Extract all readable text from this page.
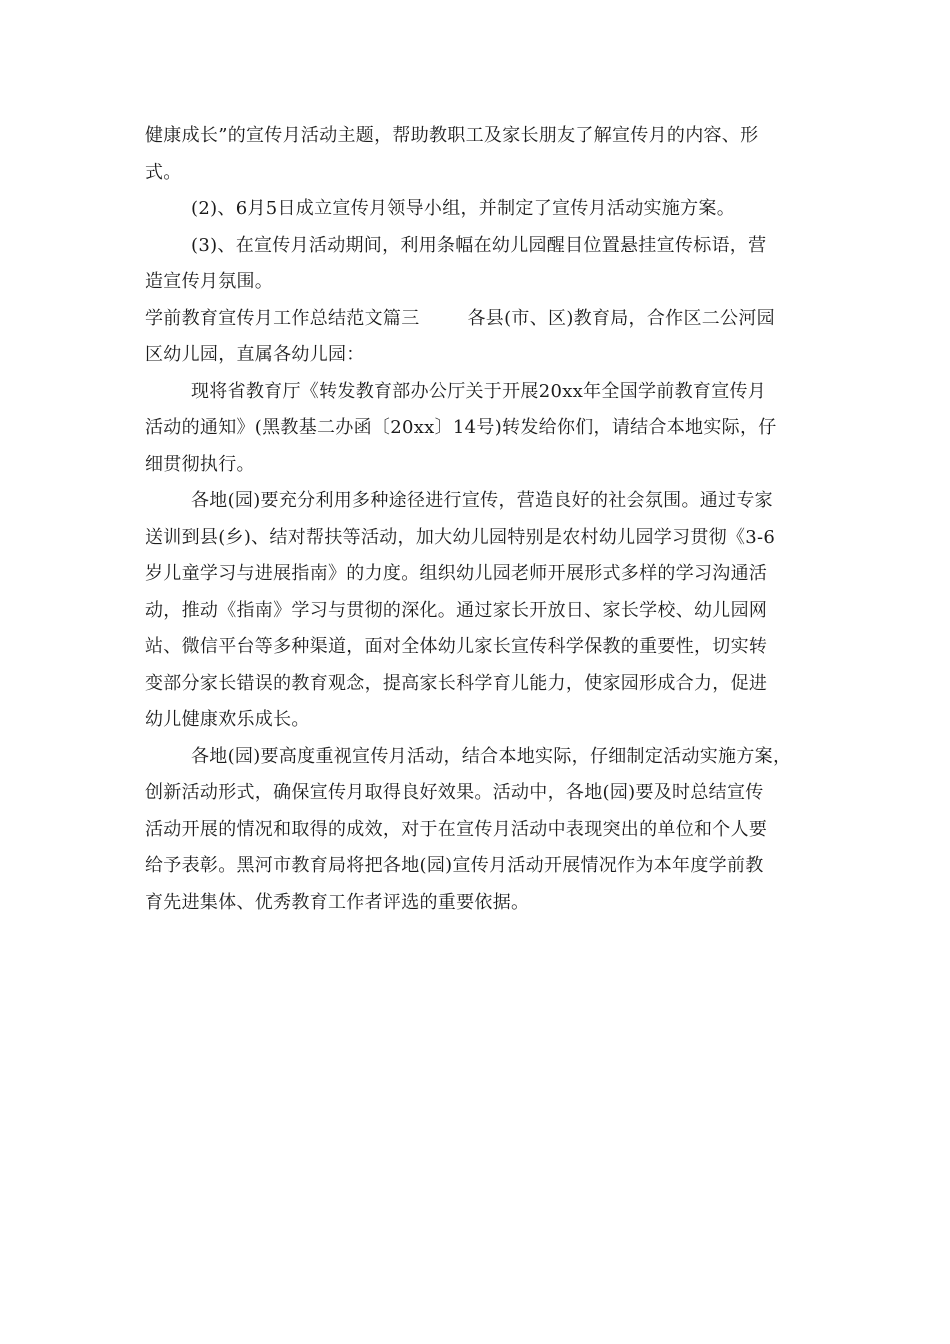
健康成长”的宣传月活动主题，帮助教职工及家长朋友了解宣传月的内容、形
式。
(2)、6月5日成立宣传月领导小组，并制定了宣传月活动实施方案。
(3)、在宣传月活动期间，利用条幅在幼儿园醒目位置悬挂宣传标语，营
造宣传月氛围。
学前教育宣传月工作总结范文篇三	各县(市、区)教育局，合作区二公河园
区幼儿园，直属各幼儿园：
现将省教育厅《转发教育部办公厅关于开展20xx年全国学前教育宣传月
活动的通知》(黑教基二办函〔20xx〕14号)转发给你们，请结合本地实际，仔
细贯彻执行。
各地(园)要充分利用多种途径进行宣传，营造良好的社会氛围。通过专家
送训到县(乡)、结对帮扶等活动，加大幼儿园特别是农村幼儿园学习贯彻《3-6
岁儿童学习与进展指南》的力度。组织幼儿园老师开展形式多样的学习沟通活
动，推动《指南》学习与贯彻的深化。通过家长开放日、家长学校、幼儿园网
站、微信平台等多种渠道，面对全体幼儿家长宣传科学保教的重要性，切实转
变部分家长错误的教育观念，提高家长科学育儿能力，使家园形成合力，促进
幼儿健康欢乐成长。
各地(园)要高度重视宣传月活动，结合本地实际，仔细制定活动实施方案，
创新活动形式，确保宣传月取得良好效果。活动中，各地(园)要及时总结宣传
活动开展的情况和取得的成效，对于在宣传月活动中表现突出的单位和个人要
给予表彰。黑河市教育局将把各地(园)宣传月活动开展情况作为本年度学前教
育先进集体、优秀教育工作者评选的重要依据。
